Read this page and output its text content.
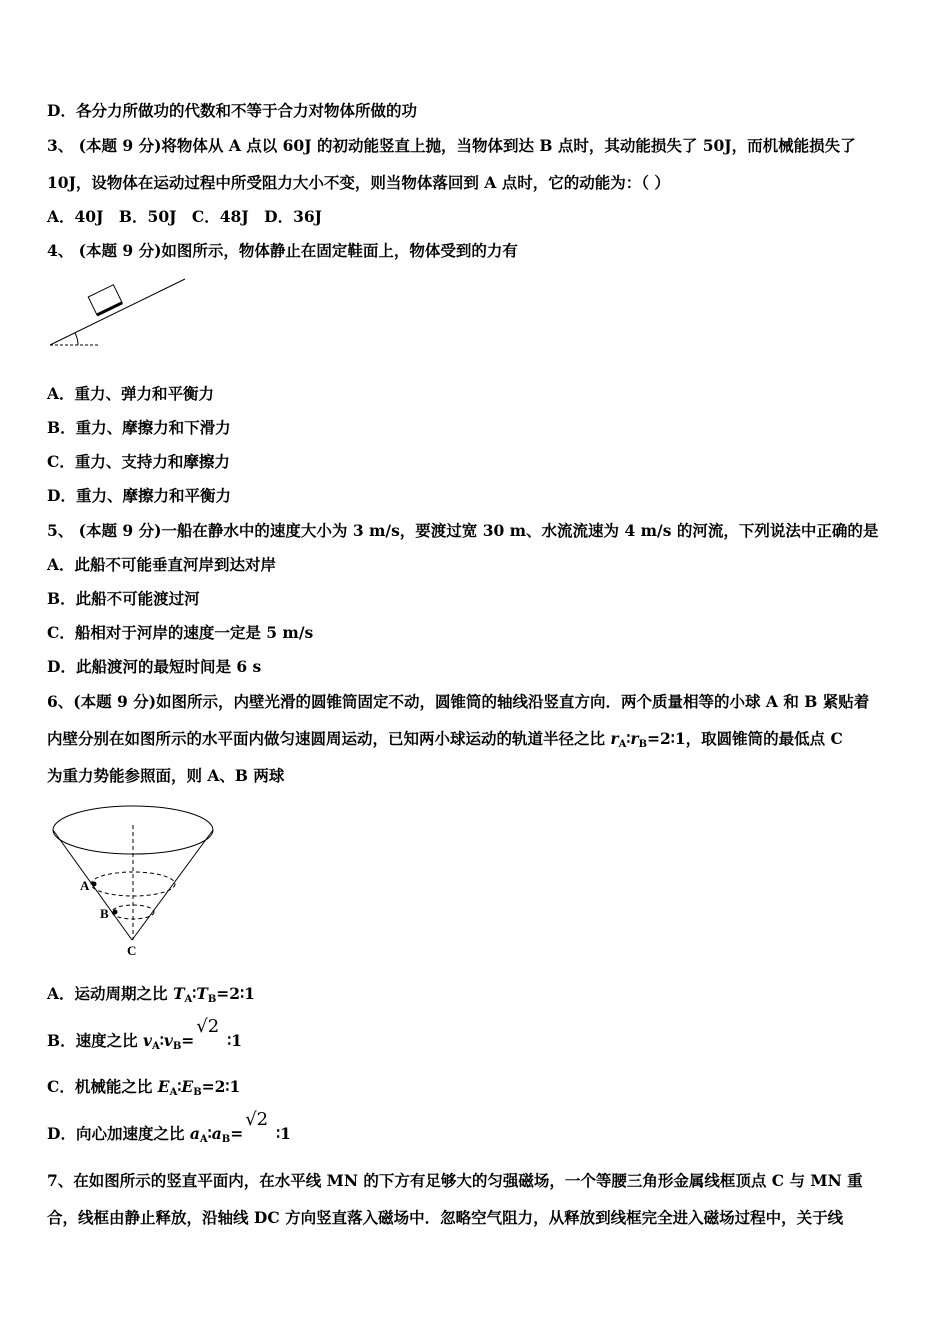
D．各分力所做功的代数和不等于合力对物体所做的功
3、 (本题 9 分)将物体从 A 点以 60J 的初动能竖直上抛，当物体到达 B 点时，其动能损失了 50J，而机械能损失了
10J，设物体在运动过程中所受阻力大小不变，则当物体落回到 A 点时，它的动能为：（ ）
A．40J　B．50J　C．48J　D．36J
4、 (本题 9 分)如图所示，物体静止在固定鞋面上，物体受到的力有
A．重力、弹力和平衡力
B．重力、摩擦力和下滑力
C．重力、支持力和摩擦力
D．重力、摩擦力和平衡力
5、 (本题 9 分)一船在静水中的速度大小为 3 m/s，要渡过宽 30 m、水流流速为 4 m/s 的河流，下列说法中正确的是
A．此船不可能垂直河岸到达对岸
B．此船不可能渡过河
C．船相对于河岸的速度一定是 5 m/s
D．此船渡河的最短时间是 6 s
6、(本题 9 分)如图所示，内壁光滑的圆锥筒固定不动，圆锥筒的轴线沿竖直方向．两个质量相等的小球 A 和 B 紧贴着
内壁分别在如图所示的水平面内做匀速圆周运动，已知两小球运动的轨道半径之比 $r_A∶r_B=2∶1$，取圆锥筒的最低点 C
为重力势能参照面，则 A、B 两球
A
B
C
A．运动周期之比 $T_A∶T_B=2∶1$
B．速度之比 $v_A∶v_B=√2∶1$
C．机械能之比 $E_A∶E_B=2∶1$
D．向心加速度之比 $a_A∶a_B=√2∶1$
7、在如图所示的竖直平面内，在水平线 MN 的下方有足够大的匀强磁场，一个等腰三角形金属线框顶点 C 与 MN 重
合，线框由静止释放，沿轴线 DC 方向竖直落入磁场中．忽略空气阻力，从释放到线框完全进入磁场过程中，关于线
